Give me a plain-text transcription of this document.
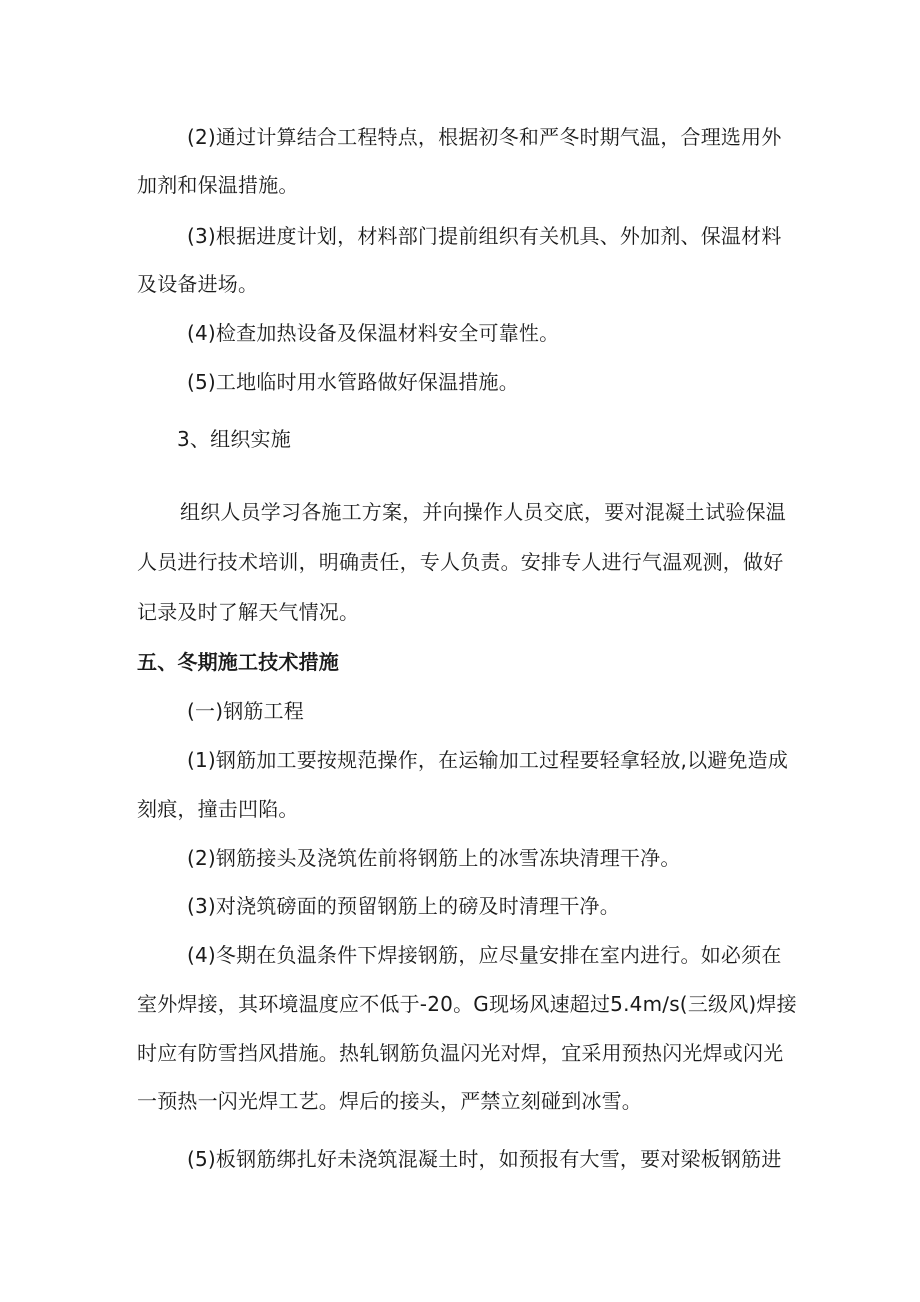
(2)通过计算结合工程特点，根据初冬和严冬时期气温，合理选用外
加剂和保温措施。
(3)根据进度计划，材料部门提前组织有关机具、外加剂、保温材料
及设备进场。
(4)检查加热设备及保温材料安全可靠性。
(5)工地临时用水管路做好保温措施。
3、组织实施
组织人员学习各施工方案，并向操作人员交底，要对混凝土试验保温
人员进行技术培训，明确责任，专人负责。安排专人进行气温观测，做好
记录及时了解天气情况。
五、冬期施工技术措施
(一)钢筋工程
(1)钢筋加工要按规范操作，在运输加工过程要轻拿轻放,以避免造成
刻痕，撞击凹陷。
(2)钢筋接头及浇筑佐前将钢筋上的冰雪冻块清理干净。
(3)对浇筑磅面的预留钢筋上的磅及时清理干净。
(4)冬期在负温条件下焊接钢筋，应尽量安排在室内进行。如必须在
室外焊接，其环境温度应不低于-20。G现场风速超过5.4m∕s(三级风)焊接
时应有防雪挡风措施。热轧钢筋负温闪光对焊，宜采用预热闪光焊或闪光
一预热一闪光焊工艺。焊后的接头，严禁立刻碰到冰雪。
(5)板钢筋绑扎好未浇筑混凝土时，如预报有大雪，要对梁板钢筋进
